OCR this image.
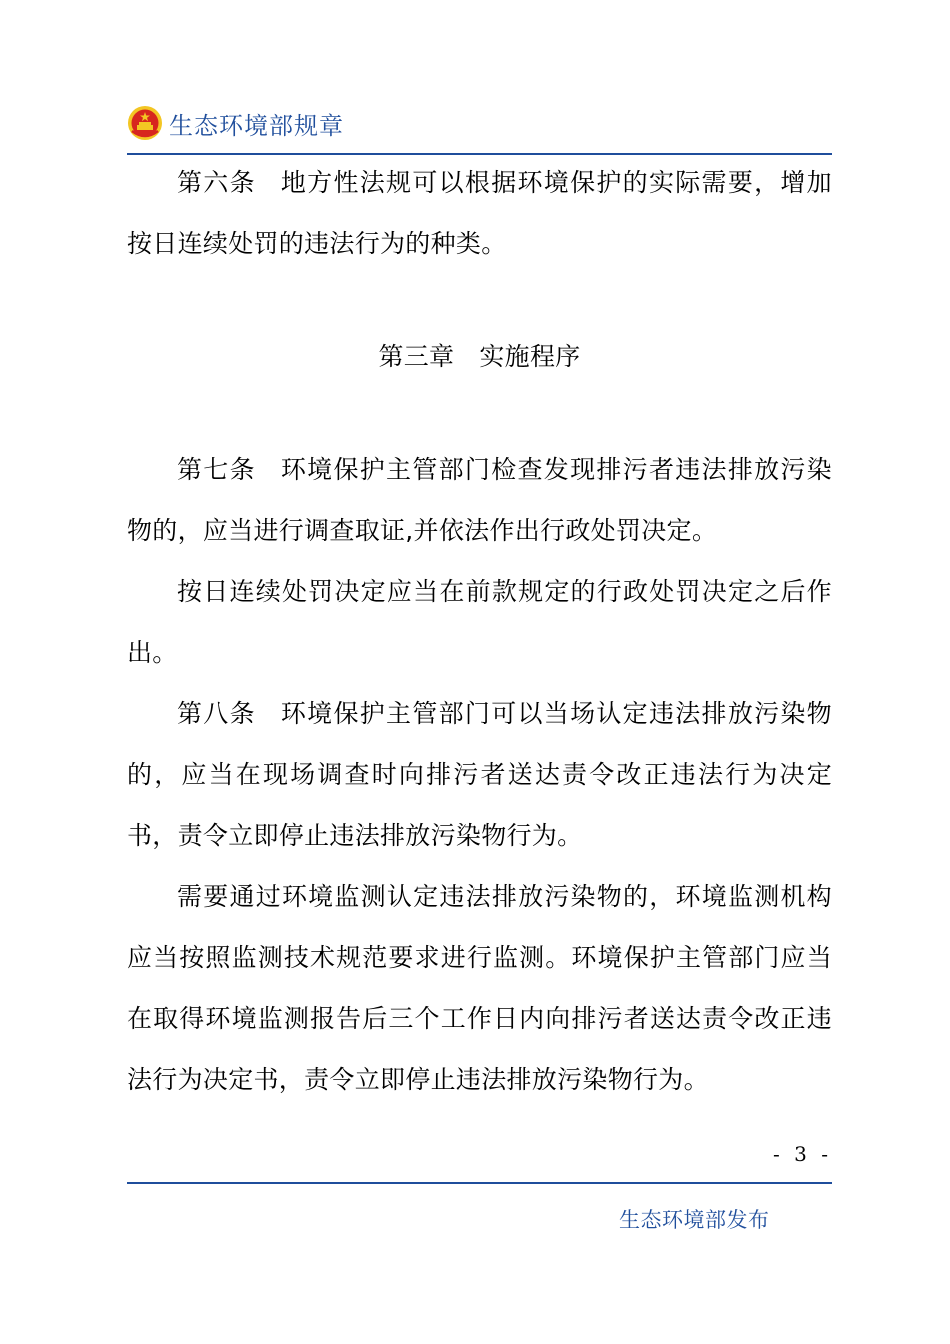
生态环境部规章

第六条 地方性法规可以根据环境保护的实际需要，增加按日连续处罚的违法行为的种类。

第三章 实施程序

第七条 环境保护主管部门检查发现排污者违法排放污染物的，应当进行调查取证,并依法作出行政处罚决定。

按日连续处罚决定应当在前款规定的行政处罚决定之后作出。

第八条 环境保护主管部门可以当场认定违法排放污染物的，应当在现场调查时向排污者送达责令改正违法行为决定书，责令立即停止违法排放污染物行为。

需要通过环境监测认定违法排放污染物的，环境监测机构应当按照监测技术规范要求进行监测。环境保护主管部门应当在取得环境监测报告后三个工作日内向排污者送达责令改正违法行为决定书，责令立即停止违法排放污染物行为。

- 3 -
生态环境部发布
